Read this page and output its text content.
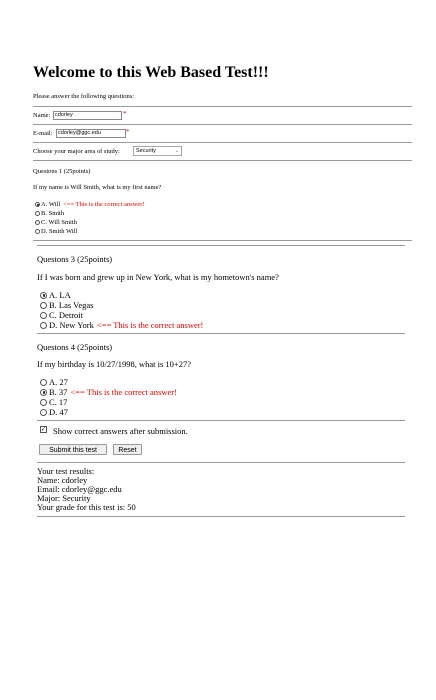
Welcome to this Web Based Test!!!
Please answer the following questions:
Name: cdorley	*
E-mail:	cdorley@ggc.edu	*
Choose your major area of study:	Security	⌄
Questons 1 (25points)
If my name is Will Smith, what is my first name?
A. Will <== This is the correct answer!
B. Smith
C. Will Smith
D. Smith Will
Questons 3 (25points)
If I was born and grew up in New York, what is my hometown's name?
A. LA
B. Las Vegas
C. Detroit
D. New York <== This is the correct answer!
Questons 4 (25points)
If my birthday is 10/27/1998, what is 10+27?
A. 27
B. 37 <== This is the correct answer!
C. 17
D. 47
✓ Show correct answers after submission.
Submit this test	Reset
Your test results:
Name: cdorley
Email: cdorley@ggc.edu
Major: Security
Your grade for this test is: 50
